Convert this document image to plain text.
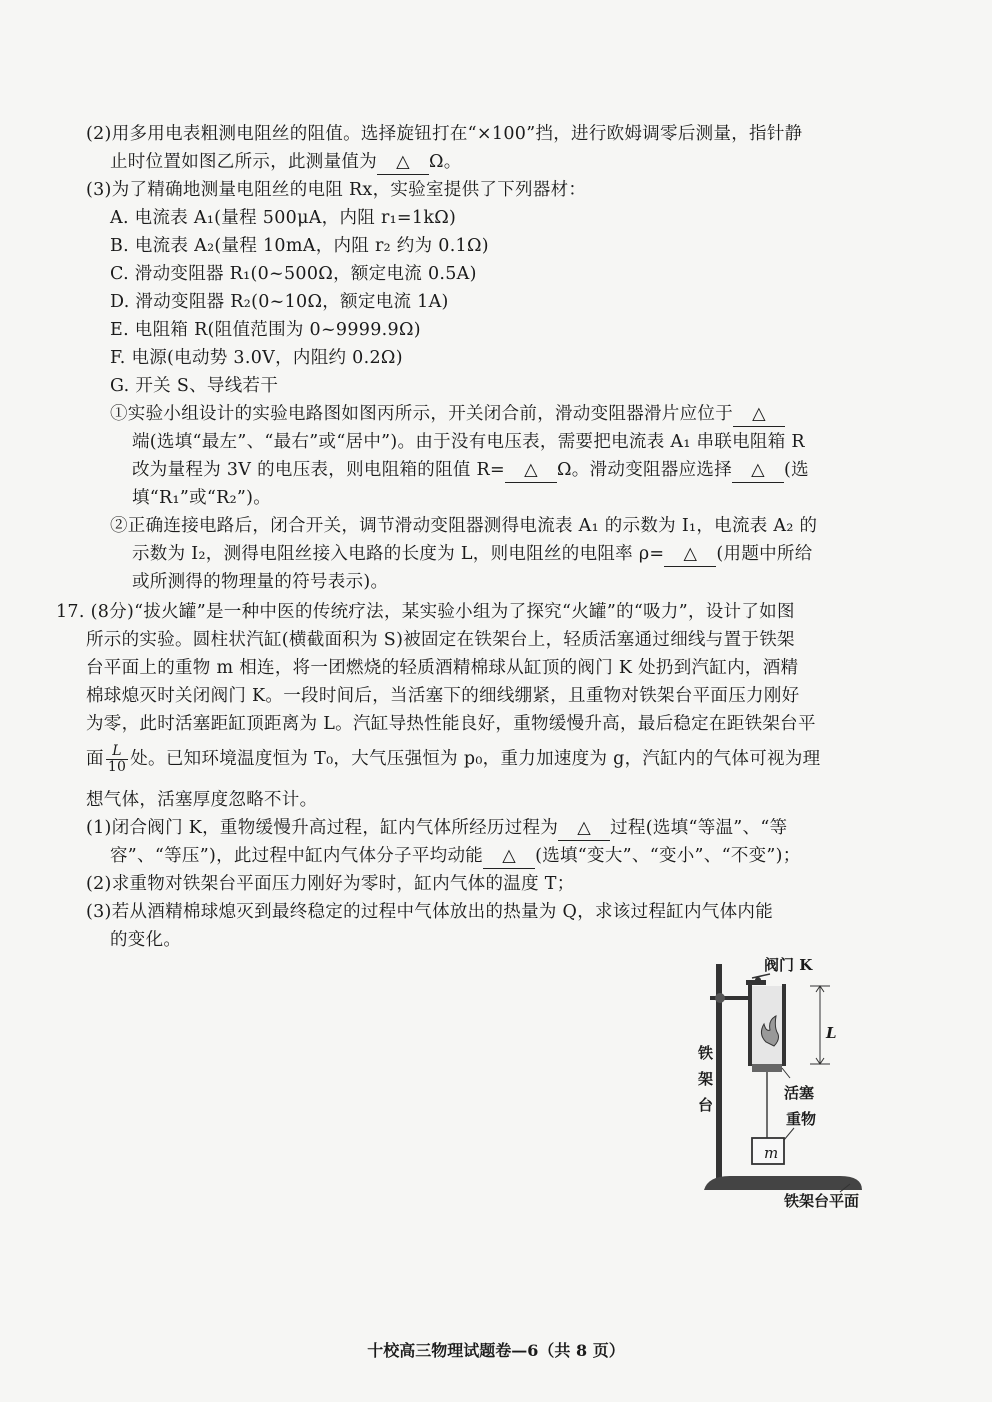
(2)用多用电表粗测电阻丝的阻值。选择旋钮打在“×100”挡，进行欧姆调零后测量，指针静
止时位置如图乙所示，此测量值为 △ Ω。
(3)为了精确地测量电阻丝的电阻 Rx，实验室提供了下列器材：
A. 电流表 A₁(量程 500μA，内阻 r₁=1kΩ)
B. 电流表 A₂(量程 10mA，内阻 r₂ 约为 0.1Ω)
C. 滑动变阻器 R₁(0~500Ω，额定电流 0.5A)
D. 滑动变阻器 R₂(0~10Ω，额定电流 1A)
E. 电阻箱 R(阻值范围为 0~9999.9Ω)
F. 电源(电动势 3.0V，内阻约 0.2Ω)
G. 开关 S、导线若干
①实验小组设计的实验电路图如图丙所示，开关闭合前，滑动变阻器滑片应位于 △
端(选填“最左”、“最右”或“居中”)。由于没有电压表，需要把电流表 A₁ 串联电阻箱 R
改为量程为 3V 的电压表，则电阻箱的阻值 R= △ Ω。滑动变阻器应选择 △ (选
填“R₁”或“R₂”)。
②正确连接电路后，闭合开关，调节滑动变阻器测得电流表 A₁ 的示数为 I₁，电流表 A₂ 的
示数为 I₂，测得电阻丝接入电路的长度为 L，则电阻丝的电阻率 ρ= △ (用题中所给
或所测得的物理量的符号表示)。
17. (8分)“拔火罐”是一种中医的传统疗法，某实验小组为了探究“火罐”的“吸力”，设计了如图
所示的实验。圆柱状汽缸(横截面积为 S)被固定在铁架台上，轻质活塞通过细线与置于铁架
台平面上的重物 m 相连，将一团燃烧的轻质酒精棉球从缸顶的阀门 K 处扔到汽缸内，酒精
棉球熄灭时关闭阀门 K。一段时间后，当活塞下的细线绷紧，且重物对铁架台平面压力刚好
为零，此时活塞距缸顶距离为 L。汽缸导热性能良好，重物缓慢升高，最后稳定在距铁架台平
面 $\frac{L}{10}$ 处。已知环境温度恒为 T₀，大气压强恒为 p₀，重力加速度为 g，汽缸内的气体可视为理
想气体，活塞厚度忽略不计。
(1)闭合阀门 K，重物缓慢升高过程，缸内气体所经历过程为 △ 过程(选填“等温”、“等
容”、“等压”)，此过程中缸内气体分子平均动能 △ (选填“变大”、“变小”、“不变”)；
(2)求重物对铁架台平面压力刚好为零时，缸内气体的温度 T；
(3)若从酒精棉球熄灭到最终稳定的过程中气体放出的热量为 Q，求该过程缸内气体内能
的变化。
阀门 K
L
铁
架
台
活塞
重物
m
铁架台平面
十校高三物理试题卷—6（共 8 页）
